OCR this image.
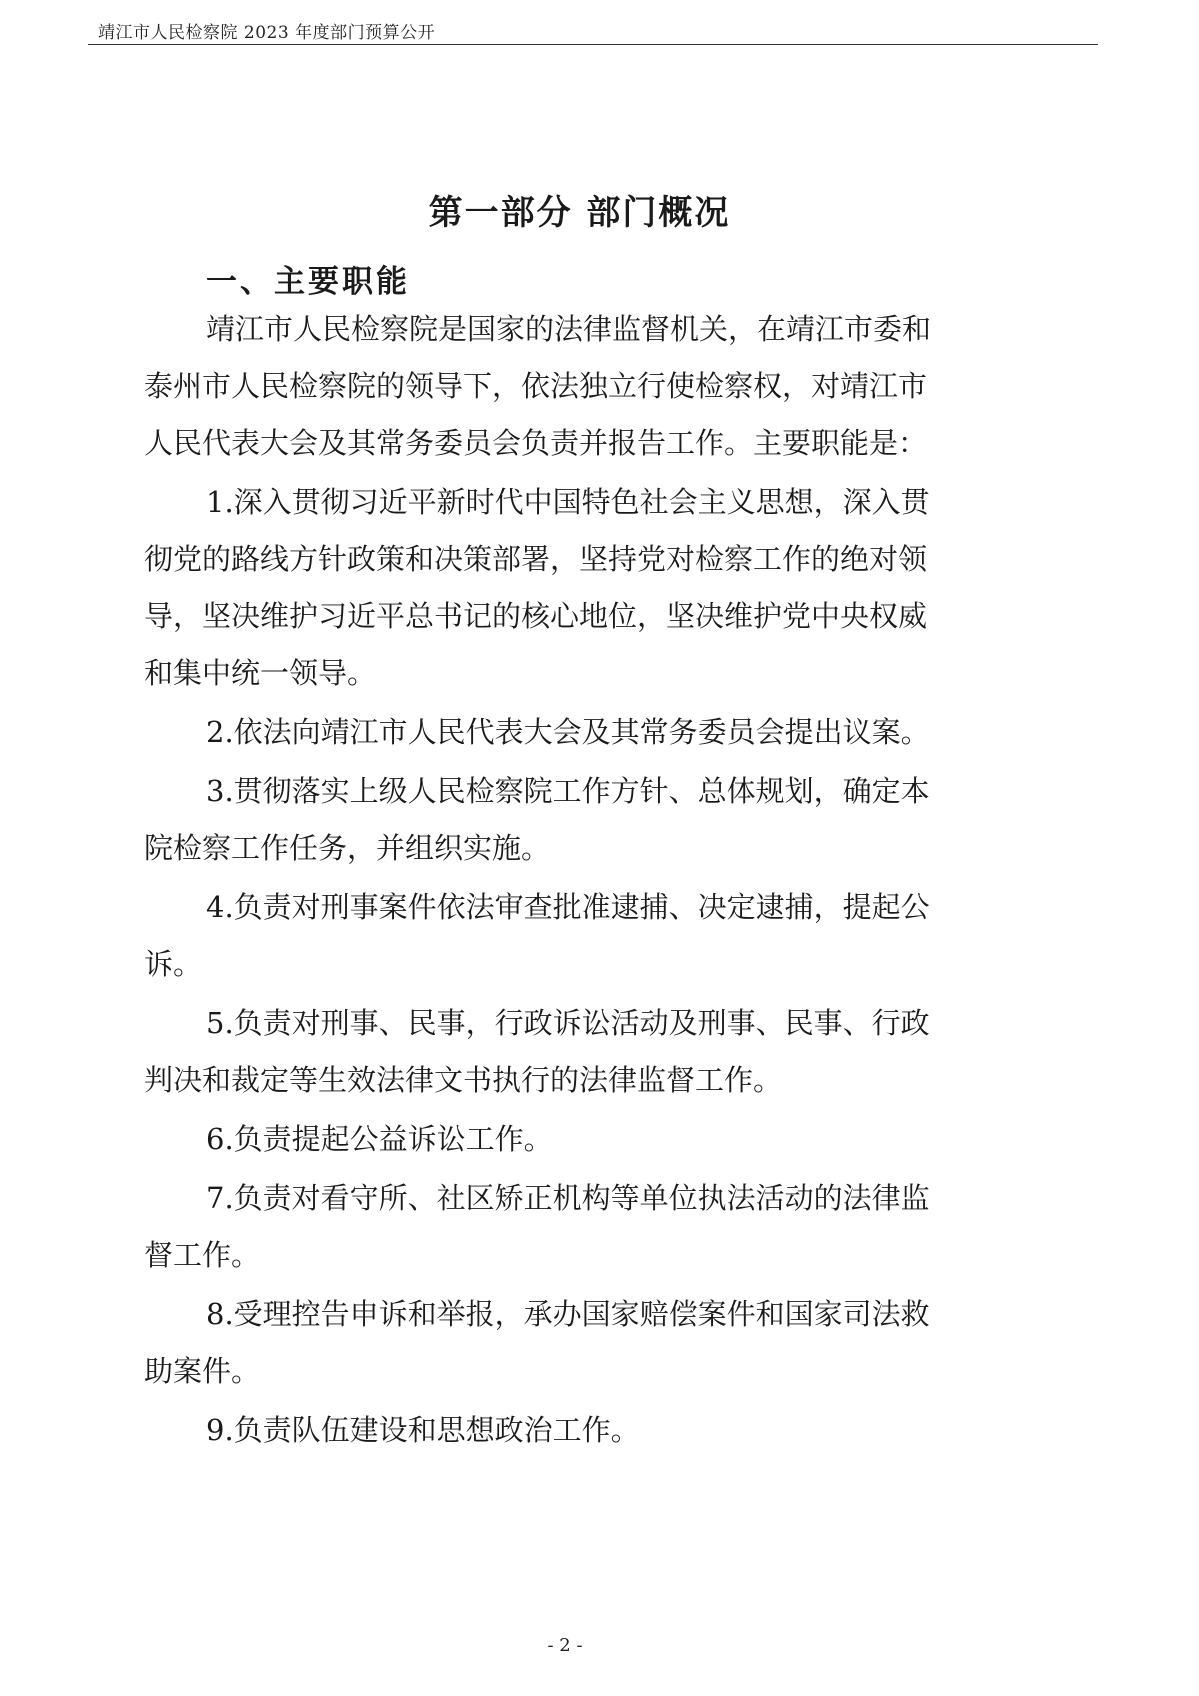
靖江市人民检察院 2023 年度部门预算公开
第一部分 部门概况
一、主要职能
靖江市人民检察院是国家的法律监督机关，在靖江市委和
泰州市人民检察院的领导下，依法独立行使检察权，对靖江市
人民代表大会及其常务委员会负责并报告工作。主要职能是：
1.深入贯彻习近平新时代中国特色社会主义思想，深入贯
彻党的路线方针政策和决策部署，坚持党对检察工作的绝对领
导，坚决维护习近平总书记的核心地位，坚决维护党中央权威
和集中统一领导。
2.依法向靖江市人民代表大会及其常务委员会提出议案。
3.贯彻落实上级人民检察院工作方针、总体规划，确定本
院检察工作任务，并组织实施。
4.负责对刑事案件依法审查批准逮捕、决定逮捕，提起公
诉。
5.负责对刑事、民事，行政诉讼活动及刑事、民事、行政
判决和裁定等生效法律文书执行的法律监督工作。
6.负责提起公益诉讼工作。
7.负责对看守所、社区矫正机构等单位执法活动的法律监
督工作。
8.受理控告申诉和举报，承办国家赔偿案件和国家司法救
助案件。
9.负责队伍建设和思想政治工作。
- 2 -
